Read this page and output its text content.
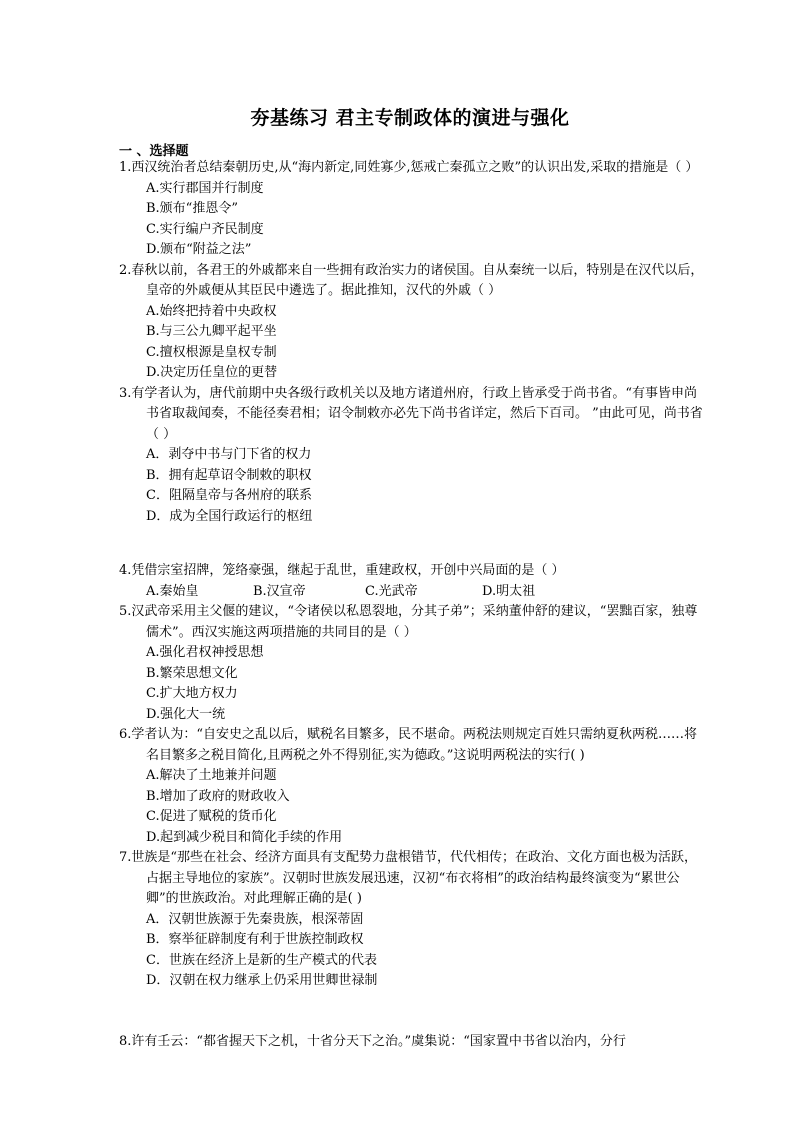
夯基练习 君主专制政体的演进与强化
一 、选择题

1.西汉统治者总结秦朝历史,从“海内新定,同姓寡少,惩戒亡秦孤立之败”的认识出发,采取的措施是（ ）

A.实行郡国并行制度

B.颁布“推恩令”

C.实行编户齐民制度

D.颁布“附益之法”

2.春秋以前，各君王的外戚都来自一些拥有政治实力的诸侯国。自从秦统一以后，特别是在汉代以后，皇帝的外戚便从其臣民中遴选了。据此推知，汉代的外戚（ ）

A.始终把持着中央政权

B.与三公九卿平起平坐

C.擅权根源是皇权专制

D.决定历任皇位的更替

3.有学者认为，唐代前期中央各级行政机关以及地方诸道州府，行政上皆承受于尚书省。“有事皆申尚书省取裁闻奏，不能径奏君相；诏令制敕亦必先下尚书省详定，然后下百司。 ”由此可见，尚书省（ ）

A．剥夺中书与门下省的权力

B．拥有起草诏令制敕的职权

C．阻隔皇帝与各州府的联系

D．成为全国行政运行的枢纽

4.凭借宗室招牌，笼络豪强，继起于乱世，重建政权，开创中兴局面的是（ ）

A.秦始皇	B.汉宣帝	C.光武帝	D.明太祖

5.汉武帝采用主父偃的建议，“令诸侯以私恩裂地，分其子弟”；采纳董仲舒的建议，“罢黜百家，独尊儒术”。西汉实施这两项措施的共同目的是（ ）

A.强化君权神授思想

B.繁荣思想文化

C.扩大地方权力

D.强化大一统

6.学者认为：“自安史之乱以后，赋税名目繁多，民不堪命。两税法则规定百姓只需纳夏秋两税……将名目繁多之税目简化,且两税之外不得别征,实为德政。”这说明两税法的实行( )

A.解决了土地兼并问题

B.增加了政府的财政收入

C.促进了赋税的货币化

D.起到减少税目和简化手续的作用

7.世族是“那些在社会、经济方面具有支配势力盘根错节，代代相传；在政治、文化方面也极为活跃，占据主导地位的家族”。汉朝时世族发展迅速，汉初“布衣将相”的政治结构最终演变为“累世公卿”的世族政治。对此理解正确的是( )

A．汉朝世族源于先秦贵族，根深蒂固

B．察举征辟制度有利于世族控制政权

C．世族在经济上是新的生产模式的代表

D．汉朝在权力继承上仍采用世卿世禄制

8.许有壬云：“都省握天下之机，十省分天下之治。”虞集说：“国家置中书省以治内，分行
